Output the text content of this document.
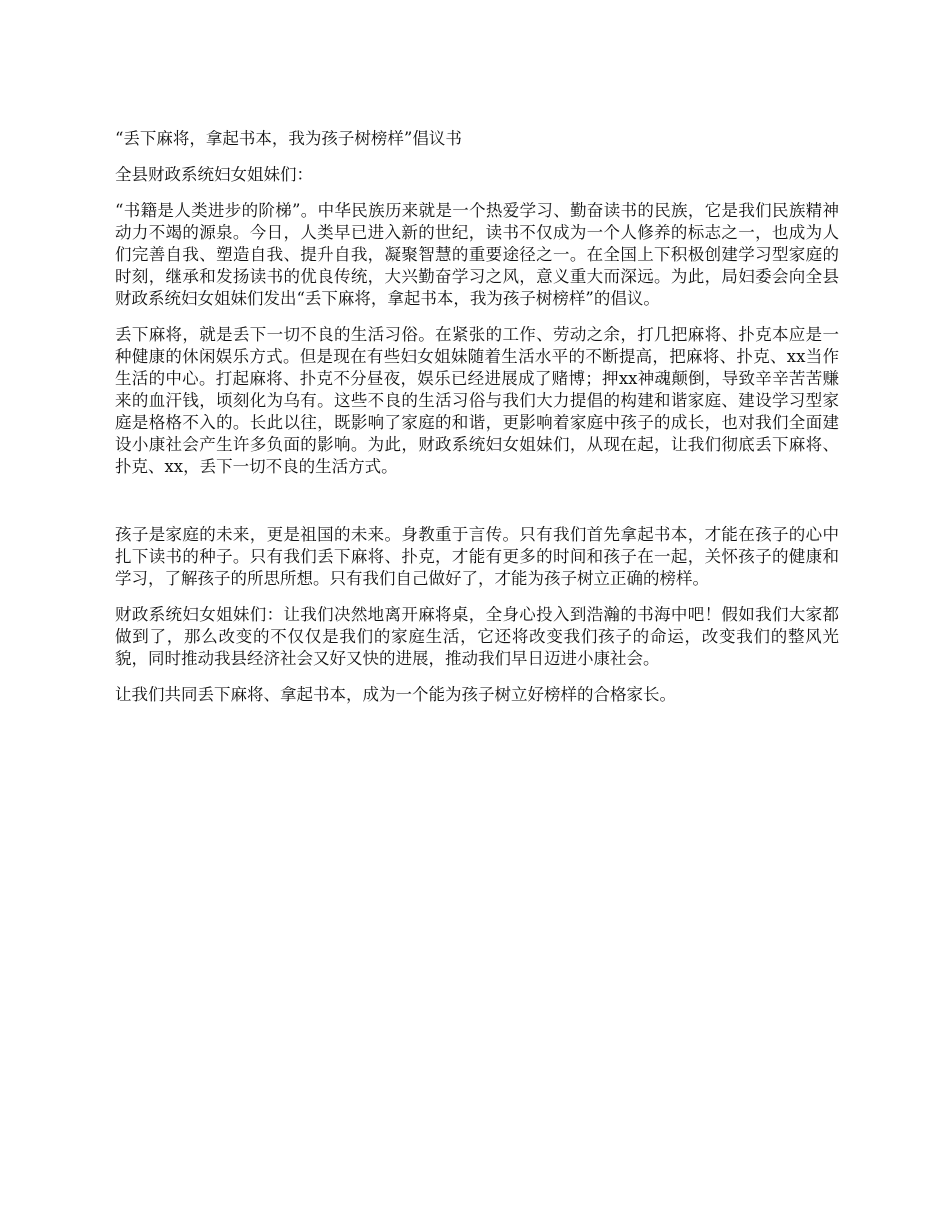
“丢下麻将，拿起书本，我为孩子树榜样”倡议书

全县财政系统妇女姐妹们：

“书籍是人类进步的阶梯”。中华民族历来就是一个热爱学习、勤奋读书的民族，它是我们民族精神动力不竭的源泉。今日，人类早已进入新的世纪，读书不仅成为一个人修养的标志之一，也成为人们完善自我、塑造自我、提升自我，凝聚智慧的重要途径之一。在全国上下积极创建学习型家庭的时刻，继承和发扬读书的优良传统，大兴勤奋学习之风，意义重大而深远。为此，局妇委会向全县财政系统妇女姐妹们发出“丢下麻将，拿起书本，我为孩子树榜样”的倡议。

丢下麻将，就是丢下一切不良的生活习俗。在紧张的工作、劳动之余，打几把麻将、扑克本应是一种健康的休闲娱乐方式。但是现在有些妇女姐妹随着生活水平的不断提高，把麻将、扑克、xx当作生活的中心。打起麻将、扑克不分昼夜，娱乐已经进展成了赌博；押xx神魂颠倒，导致辛辛苦苦赚来的血汗钱，顷刻化为乌有。这些不良的生活习俗与我们大力提倡的构建和谐家庭、建设学习型家庭是格格不入的。长此以往，既影响了家庭的和谐，更影响着家庭中孩子的成长，也对我们全面建设小康社会产生许多负面的影响。为此，财政系统妇女姐妹们，从现在起，让我们彻底丢下麻将、扑克、xx，丢下一切不良的生活方式。

孩子是家庭的未来，更是祖国的未来。身教重于言传。只有我们首先拿起书本，才能在孩子的心中扎下读书的种子。只有我们丢下麻将、扑克，才能有更多的时间和孩子在一起，关怀孩子的健康和学习，了解孩子的所思所想。只有我们自己做好了，才能为孩子树立正确的榜样。

财政系统妇女姐妹们：让我们决然地离开麻将桌，全身心投入到浩瀚的书海中吧！假如我们大家都做到了，那么改变的不仅仅是我们的家庭生活，它还将改变我们孩子的命运，改变我们的整风光貌，同时推动我县经济社会又好又快的进展，推动我们早日迈进小康社会。

让我们共同丢下麻将、拿起书本，成为一个能为孩子树立好榜样的合格家长。
